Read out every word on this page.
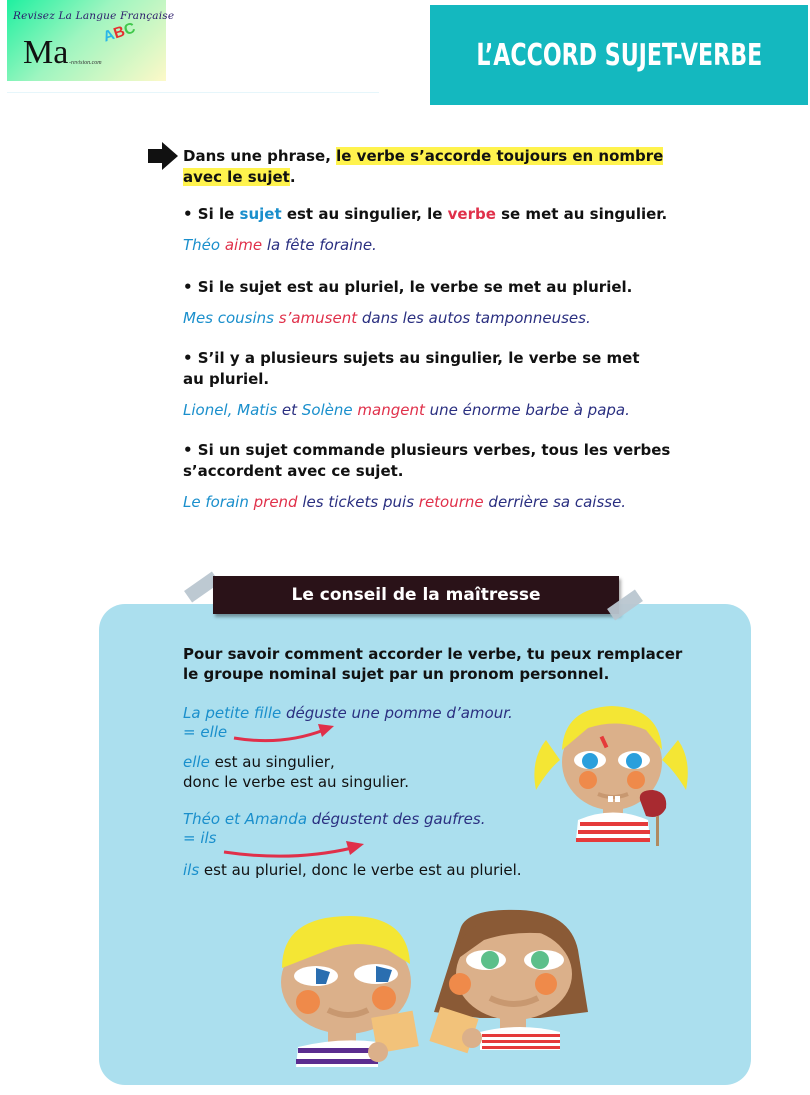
Revisez La Langue Française
ABC
Ma -revision.com	L’ACCORD SUJET-VERBE
Dans une phrase, le verbe s’accorde toujours en nombre
avec le sujet.
• Si le sujet est au singulier, le verbe se met au singulier.
Théo aime la fête foraine.
• Si le sujet est au pluriel, le verbe se met au pluriel.
Mes cousins s’amusent dans les autos tamponneuses.
• S’il y a plusieurs sujets au singulier, le verbe se met
au pluriel.
Lionel, Matis et Solène mangent une énorme barbe à papa.
• Si un sujet commande plusieurs verbes, tous les verbes
s’accordent avec ce sujet.
Le forain prend les tickets puis retourne derrière sa caisse.
Le conseil de la maîtresse
Pour savoir comment accorder le verbe, tu peux remplacer
le groupe nominal sujet par un pronom personnel.
La petite fille déguste une pomme d’amour.
= elle
elle est au singulier,
donc le verbe est au singulier.
Théo et Amanda dégustent des gaufres.
= ils
ils est au pluriel, donc le verbe est au pluriel.
